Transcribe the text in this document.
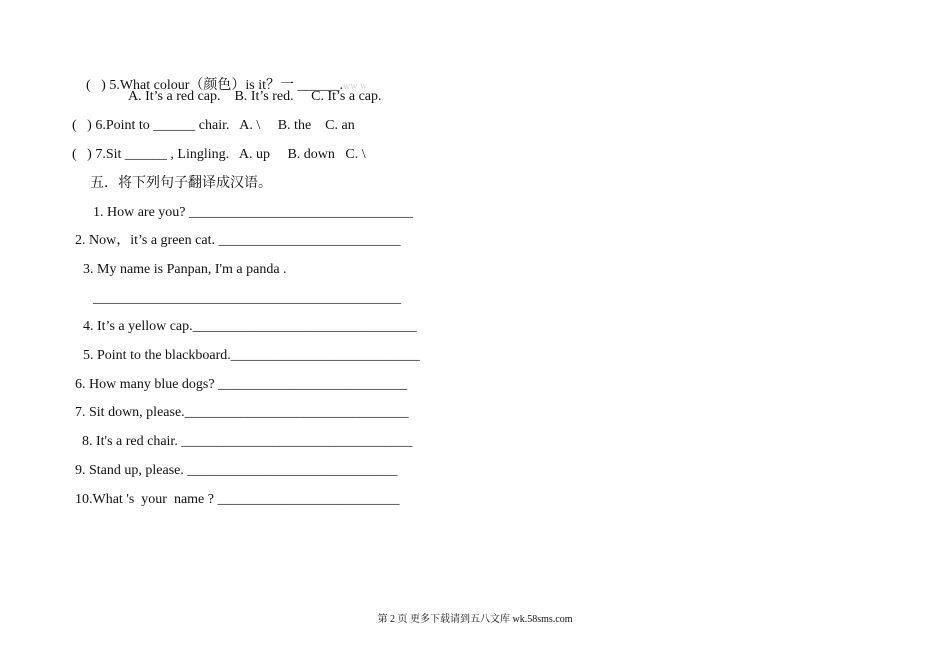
(   ) 5.What colour（颜色）is it？一 ______.ww w

A. It’s a red cap.    B. It’s red.     C. It’s a cap.
(   ) 6.Point to ______ chair.   A. \     B. the    C. an
(   ) 7.Sit ______ , Lingling.   A. up     B. down   C. \
五．将下列句子翻译成汉语。
1. How are you? ________________________________
2. Now，it’s a green cat. __________________________
3. My name is Panpan, I'm a panda .
____________________________________________
4. It’s a yellow cap.________________________________
5. Point to the blackboard.___________________________
6. How many blue dogs? ___________________________
7. Sit down, please.________________________________
8. It's a red chair. _________________________________
9. Stand up, please. ______________________________
10.What 's  your  name ? __________________________
第 2 页 更多下载请到五八文库 wk.58sms.com
